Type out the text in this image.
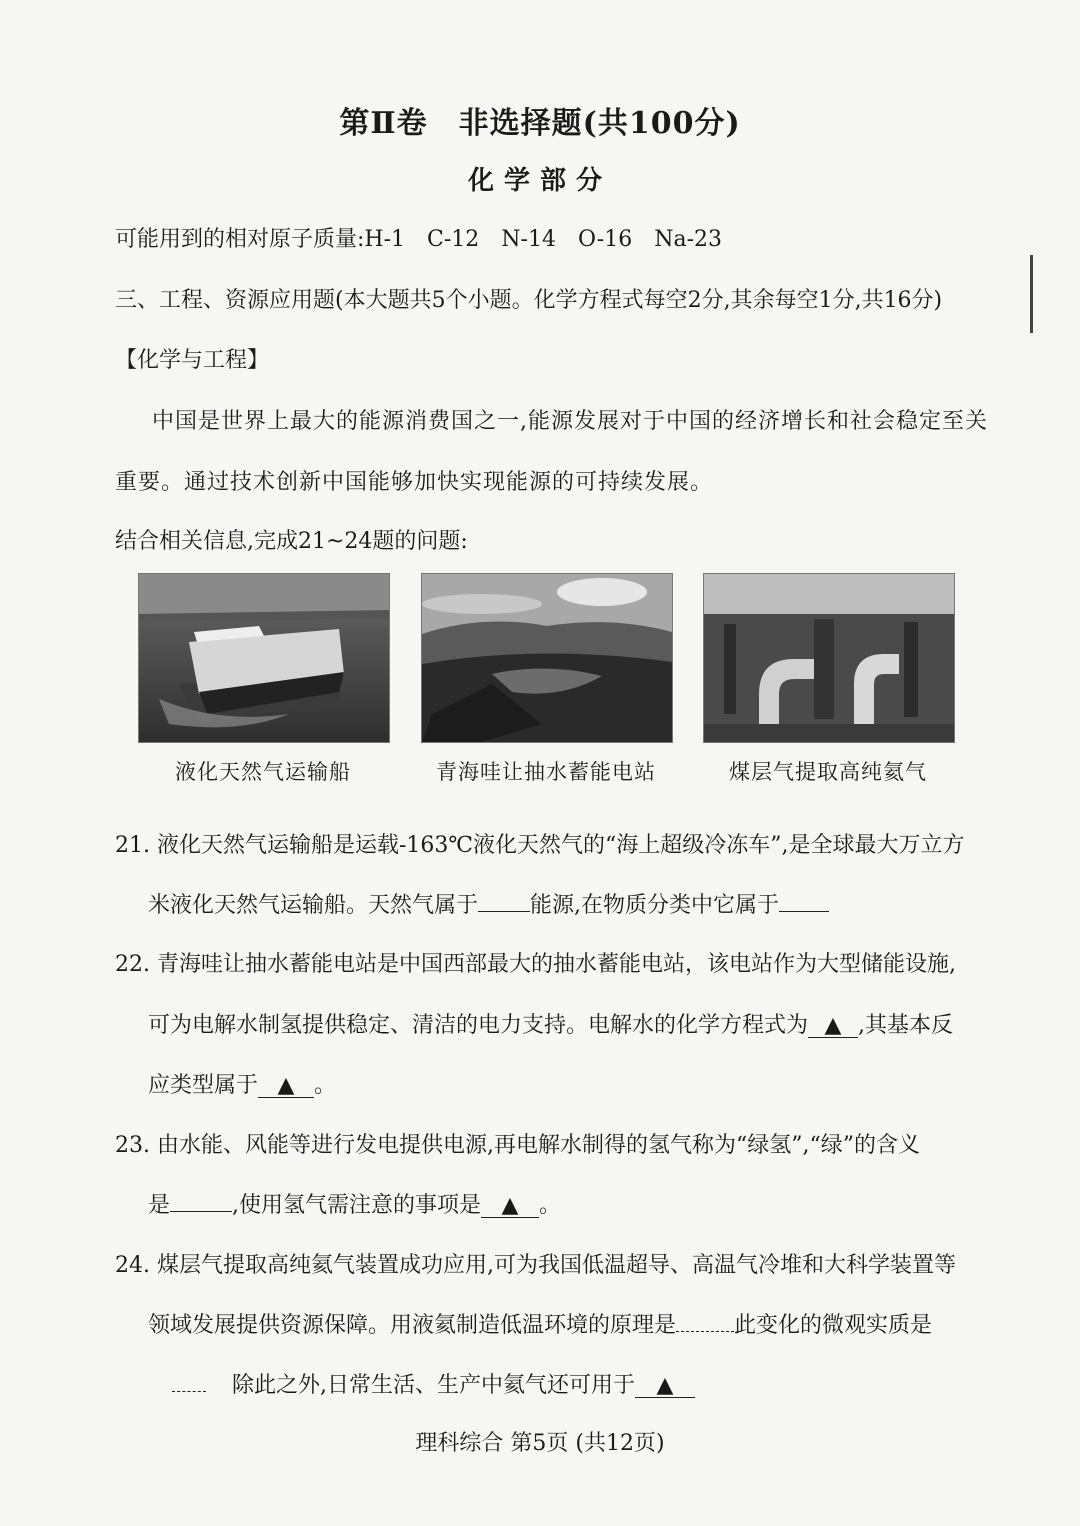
第Ⅱ卷　非选择题(共100分)
化学部分
可能用到的相对原子质量:H-1　C-12　N-14　O-16　Na-23
三、工程、资源应用题(本大题共5个小题。化学方程式每空2分,其余每空1分,共16分)
【化学与工程】
中国是世界上最大的能源消费国之一,能源发展对于中国的经济增长和社会稳定至关
重要。通过技术创新中国能够加快实现能源的可持续发展。
结合相关信息,完成21~24题的问题:
液化天然气运输船	青海哇让抽水蓄能电站	煤层气提取高纯氦气
21. 液化天然气运输船是运载-163℃液化天然气的“海上超级冷冻车”,是全球最大万立方
米液化天然气运输船。天然气属于 能源,在物质分类中它属于
22. 青海哇让抽水蓄能电站是中国西部最大的抽水蓄能电站，该电站作为大型储能设施,
可为电解水制氢提供稳定、清洁的电力支持。电解水的化学方程式为 ▲ ,其基本反
应类型属于 ▲ 。
23. 由水能、风能等进行发电提供电源,再电解水制得的氢气称为“绿氢”,“绿”的含义
是	,使用氢气需注意的事项是 ▲ 。
24. 煤层气提取高纯氦气装置成功应用,可为我国低温超导、高温气冷堆和大科学装置等
领域发展提供资源保障。用液氦制造低温环境的原理是	此变化的微观实质是
除此之外,日常生活、生产中氦气还可用于 ▲
理科综合 第5页 (共12页)
